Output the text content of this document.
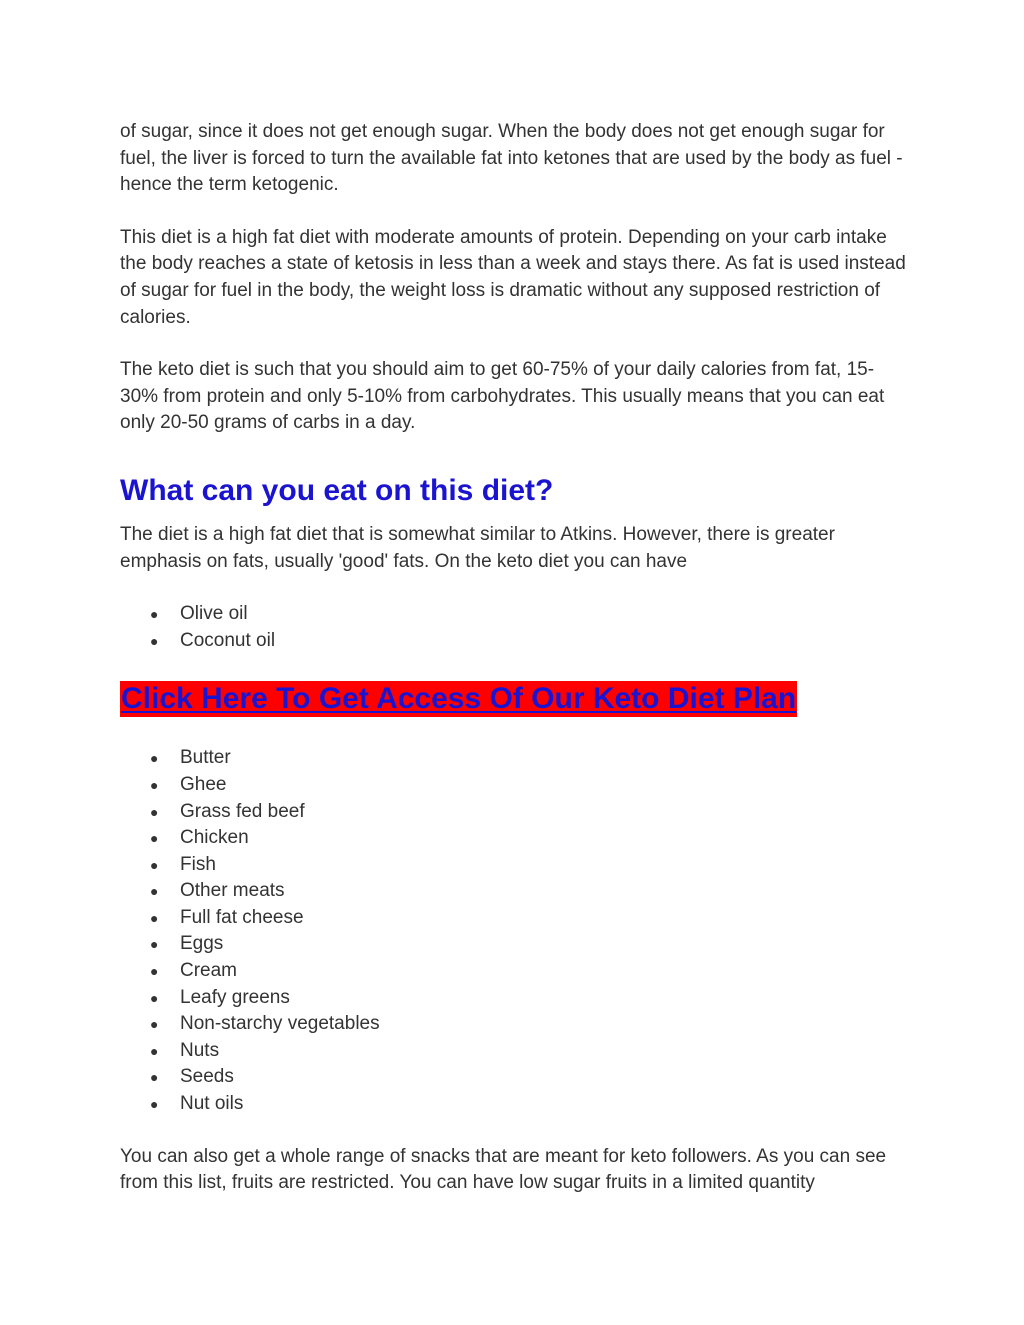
of sugar, since it does not get enough sugar. When the body does not get enough sugar for fuel, the liver is forced to turn the available fat into ketones that are used by the body as fuel - hence the term ketogenic.

This diet is a high fat diet with moderate amounts of protein. Depending on your carb intake the body reaches a state of ketosis in less than a week and stays there. As fat is used instead of sugar for fuel in the body, the weight loss is dramatic without any supposed restriction of calories.

The keto diet is such that you should aim to get 60-75% of your daily calories from fat, 15-30% from protein and only 5-10% from carbohydrates. This usually means that you can eat only 20-50 grams of carbs in a day.

What can you eat on this diet?

The diet is a high fat diet that is somewhat similar to Atkins. However, there is greater emphasis on fats, usually 'good' fats. On the keto diet you can have

● Olive oil
● Coconut oil
Click Here To Get Access Of Our Keto Diet Plan
● Butter
● Ghee
● Grass fed beef
● Chicken
● Fish
● Other meats
● Full fat cheese
● Eggs
● Cream
● Leafy greens
● Non-starchy vegetables
● Nuts
● Seeds
● Nut oils

You can also get a whole range of snacks that are meant for keto followers. As you can see from this list, fruits are restricted. You can have low sugar fruits in a limited quantity
